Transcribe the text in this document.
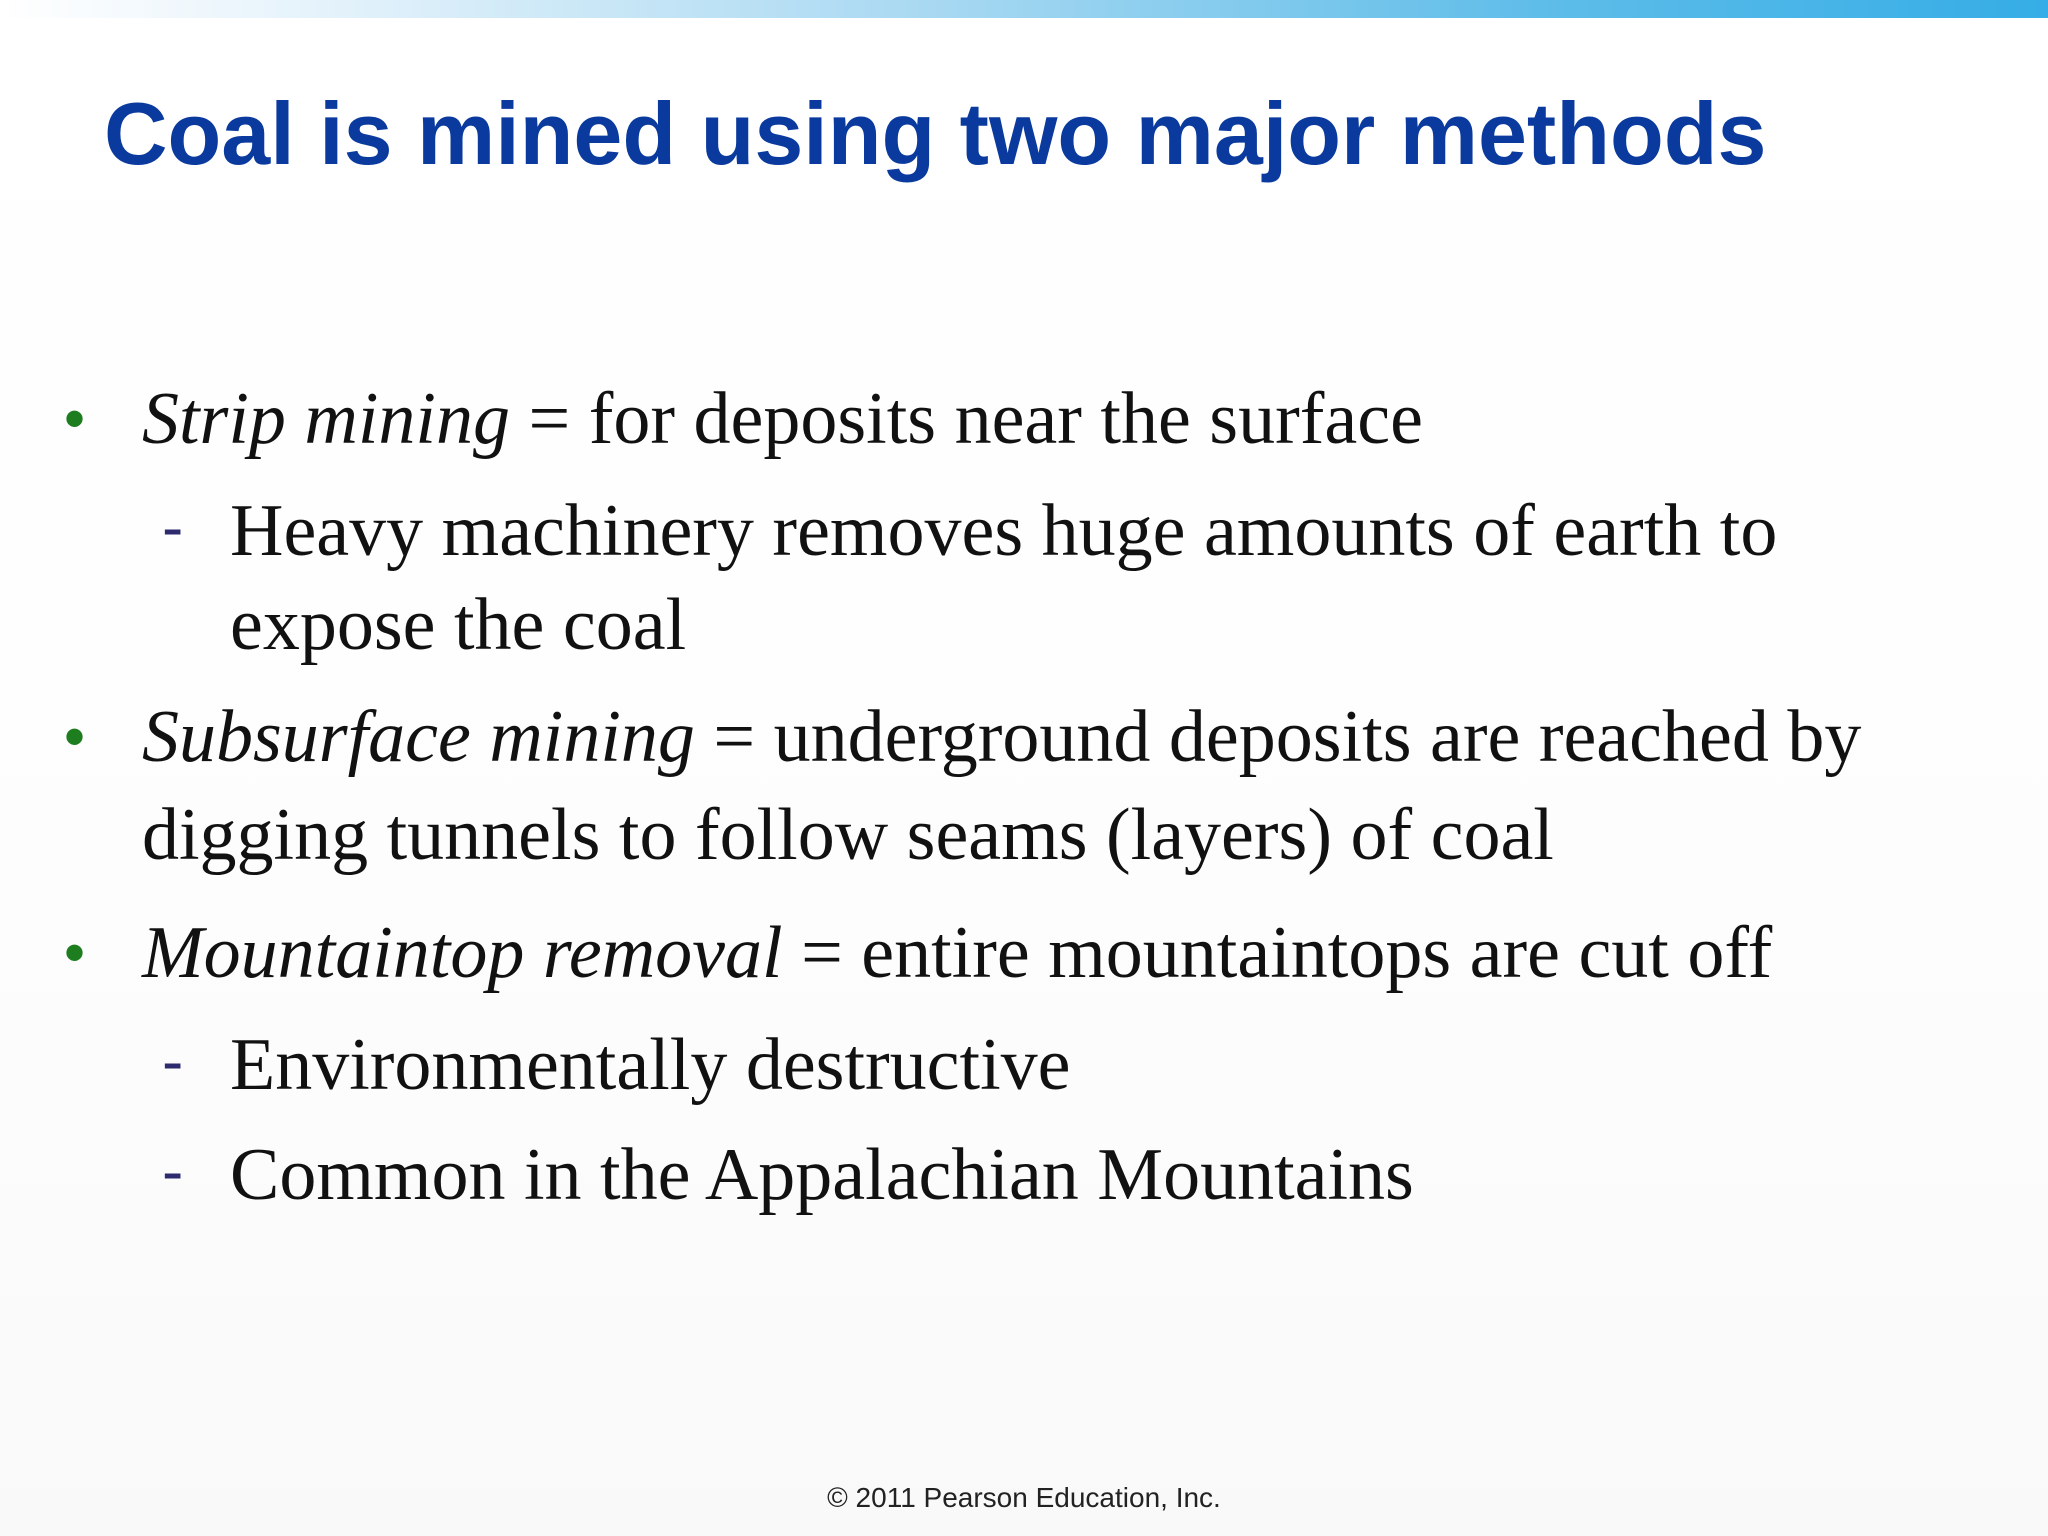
Coal is mined using two major methods
• Strip mining = for deposits near the surface
- Heavy machinery removes huge amounts of earth to expose the coal
• Subsurface mining = underground deposits are reached by digging tunnels to follow seams (layers) of coal
• Mountaintop removal = entire mountaintops are cut off
- Environmentally destructive
- Common in the Appalachian Mountains
© 2011 Pearson Education, Inc.
